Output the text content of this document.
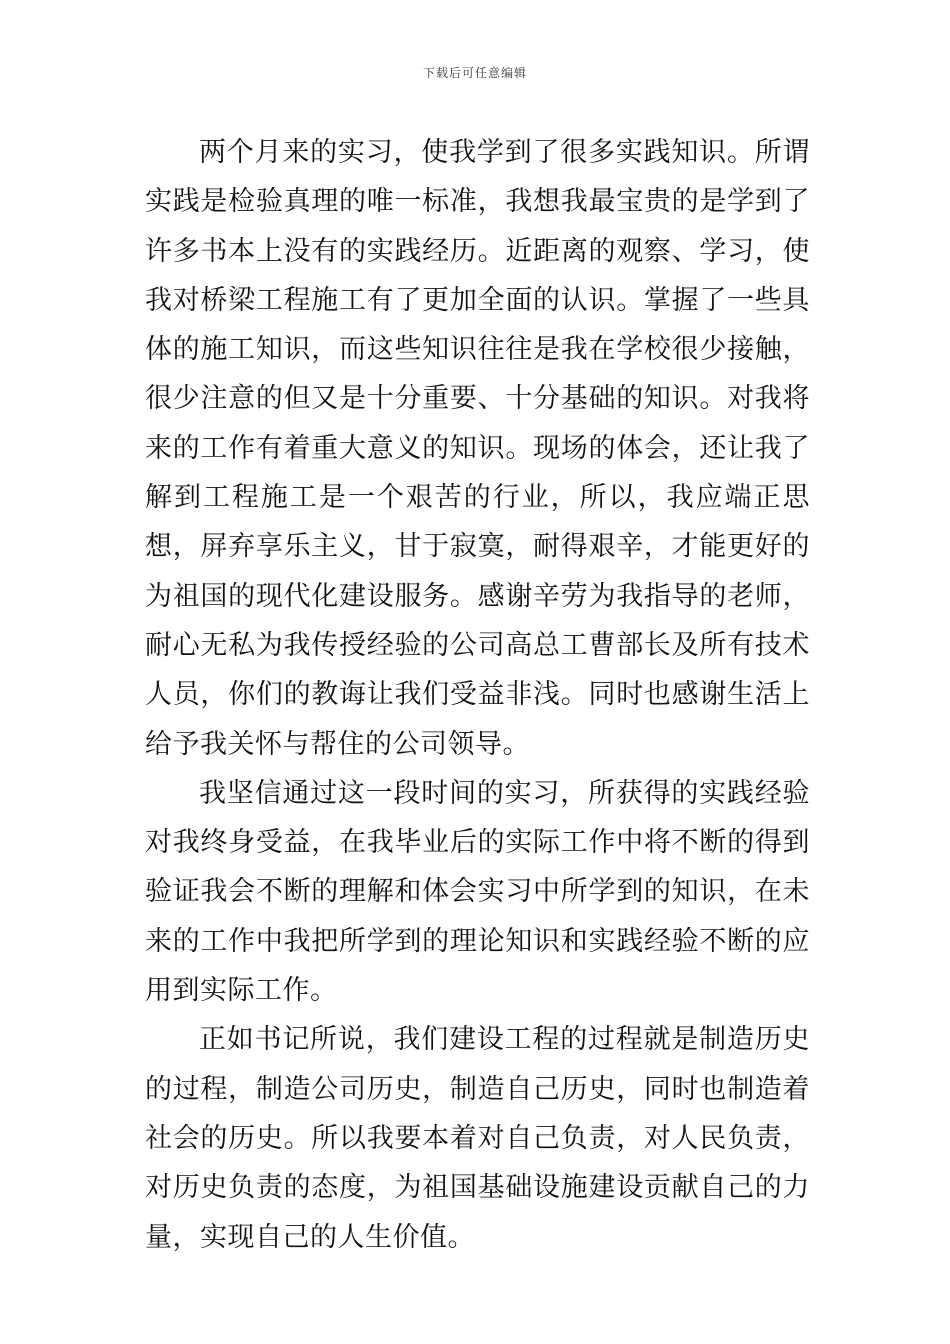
下载后可任意编辑

两个月来的实习，使我学到了很多实践知识。所谓实践是检验真理的唯一标准，我想我最宝贵的是学到了许多书本上没有的实践经历。近距离的观察、学习，使我对桥梁工程施工有了更加全面的认识。掌握了一些具体的施工知识，而这些知识往往是我在学校很少接触，很少注意的但又是十分重要、十分基础的知识。对我将来的工作有着重大意义的知识。现场的体会，还让我了解到工程施工是一个艰苦的行业，所以，我应端正思想，屏弃享乐主义，甘于寂寞，耐得艰辛，才能更好的为祖国的现代化建设服务。感谢辛劳为我指导的老师，耐心无私为我传授经验的公司高总工曹部长及所有技术人员，你们的教诲让我们受益非浅。同时也感谢生活上给予我关怀与帮住的公司领导。

我坚信通过这一段时间的实习，所获得的实践经验对我终身受益，在我毕业后的实际工作中将不断的得到验证我会不断的理解和体会实习中所学到的知识，在未来的工作中我把所学到的理论知识和实践经验不断的应用到实际工作。

正如书记所说，我们建设工程的过程就是制造历史的过程，制造公司历史，制造自己历史，同时也制造着社会的历史。所以我要本着对自己负责，对人民负责，对历史负责的态度，为祖国基础设施建设贡献自己的力量，实现自己的人生价值。
